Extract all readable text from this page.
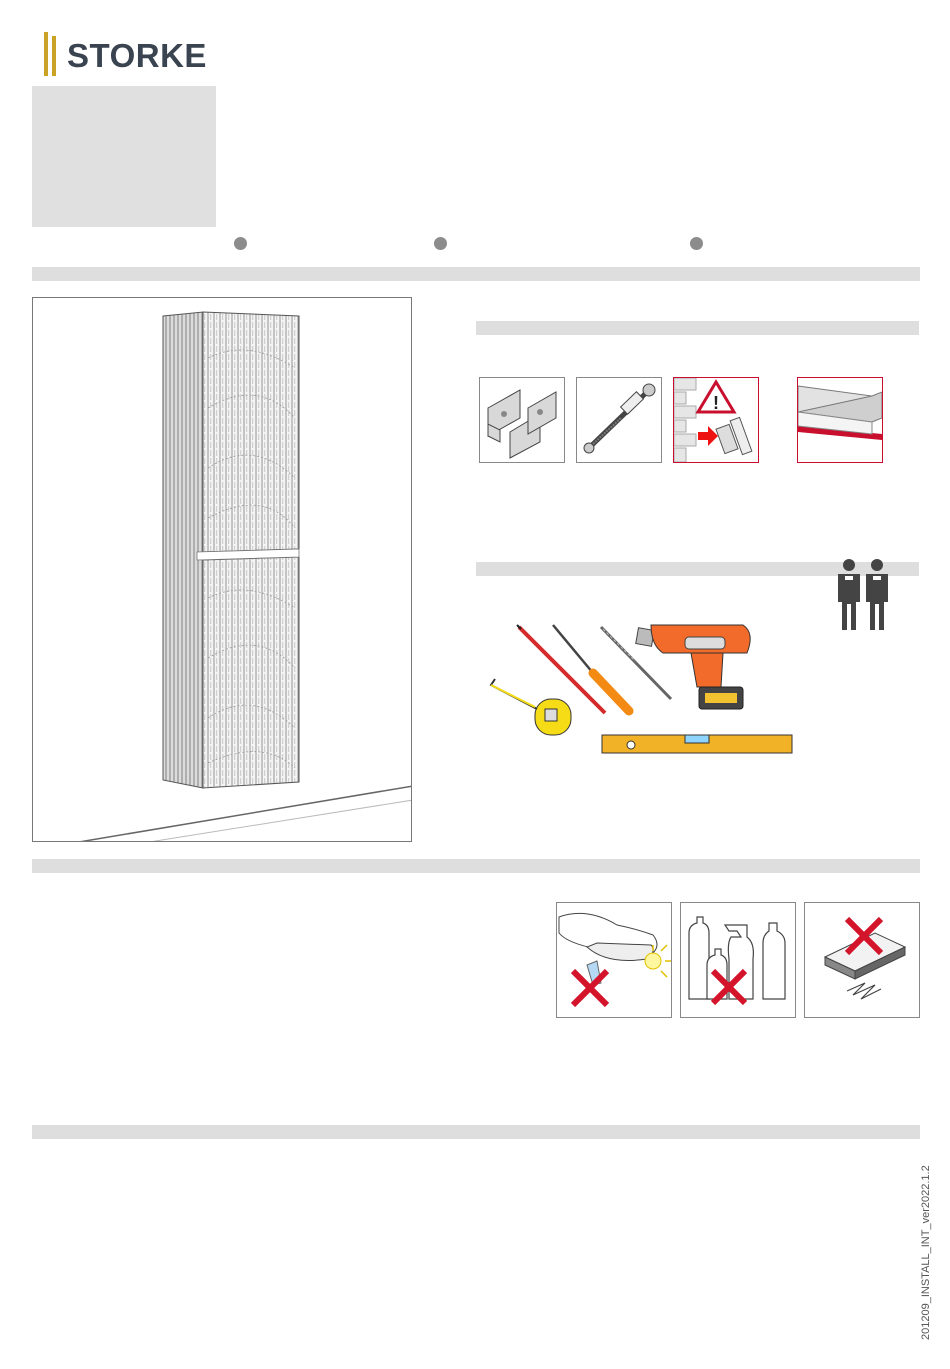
STORKE
!
201209_INSTALL_INT_ver2022.1.2
